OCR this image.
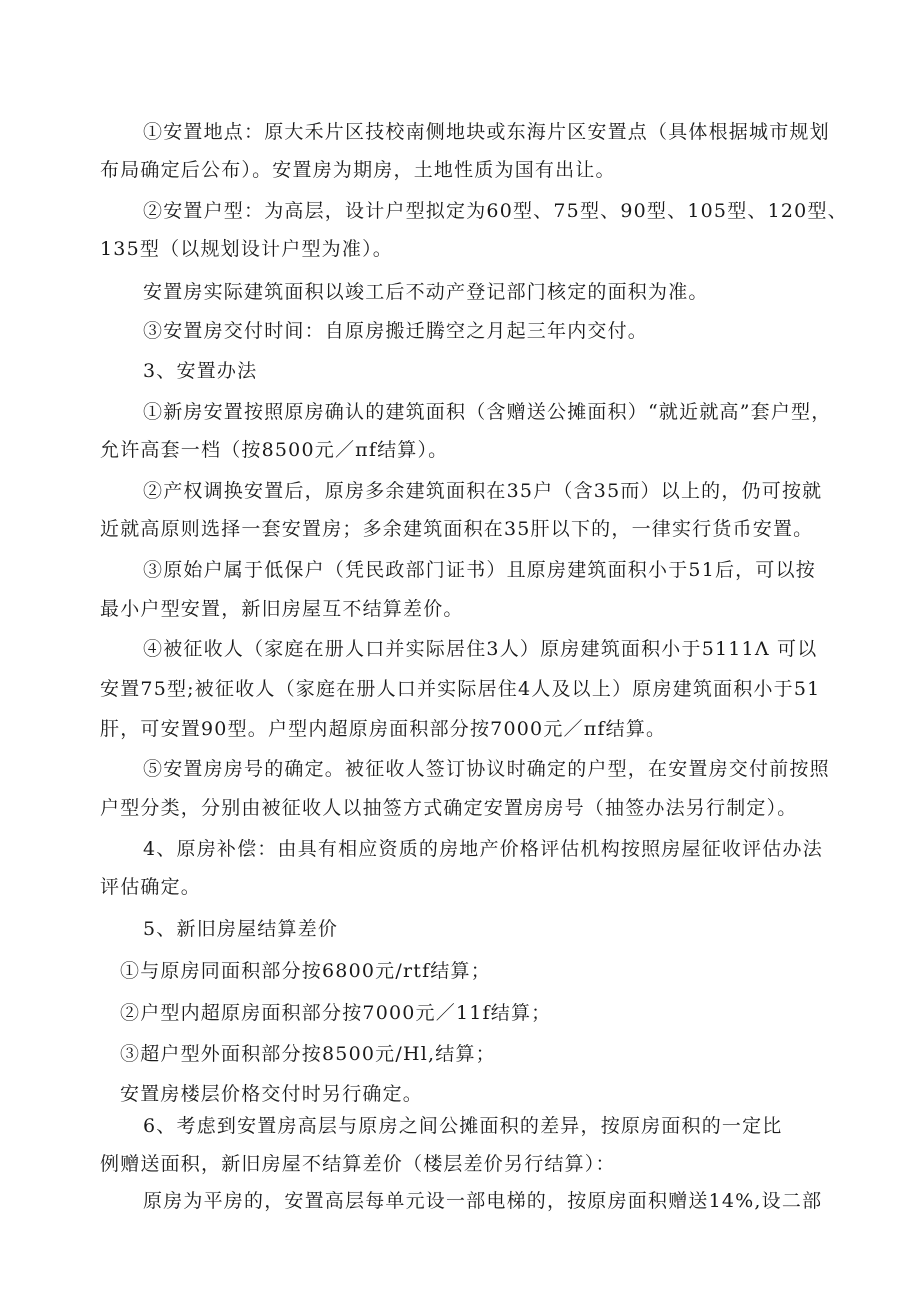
①安置地点：原大禾片区技校南侧地块或东海片区安置点（具体根据城市规划
布局确定后公布）。安置房为期房，土地性质为国有出让。
②安置户型：为高层，设计户型拟定为60型、75型、90型、105型、120型、
135型（以规划设计户型为准）。
安置房实际建筑面积以竣工后不动产登记部门核定的面积为准。
③安置房交付时间：自原房搬迁腾空之月起三年内交付。
3、安置办法
①新房安置按照原房确认的建筑面积（含赠送公摊面积）“就近就高”套户型，
允许高套一档（按8500元／πf结算）。
②产权调换安置后，原房多余建筑面积在35户（含35而）以上的，仍可按就
近就高原则选择一套安置房；多余建筑面积在35肝以下的，一律实行货币安置。
③原始户属于低保户（凭民政部门证书）且原房建筑面积小于51后，可以按
最小户型安置，新旧房屋互不结算差价。
④被征收人（家庭在册人口并实际居住3人）原房建筑面积小于5111Λ 可以
安置75型;被征收人（家庭在册人口并实际居住4人及以上）原房建筑面积小于51
肝，可安置90型。户型内超原房面积部分按7000元／πf结算。
⑤安置房房号的确定。被征收人签订协议时确定的户型，在安置房交付前按照
户型分类，分别由被征收人以抽签方式确定安置房房号（抽签办法另行制定）。
4、原房补偿：由具有相应资质的房地产价格评估机构按照房屋征收评估办法
评估确定。
5、新旧房屋结算差价
①与原房同面积部分按6800元/rtf结算；
②户型内超原房面积部分按7000元／11f结算；
③超户型外面积部分按8500元/Hl,结算；
安置房楼层价格交付时另行确定。
6、考虑到安置房高层与原房之间公摊面积的差异，按原房面积的一定比
例赠送面积，新旧房屋不结算差价（楼层差价另行结算）：
原房为平房的，安置高层每单元设一部电梯的，按原房面积赠送14%,设二部
